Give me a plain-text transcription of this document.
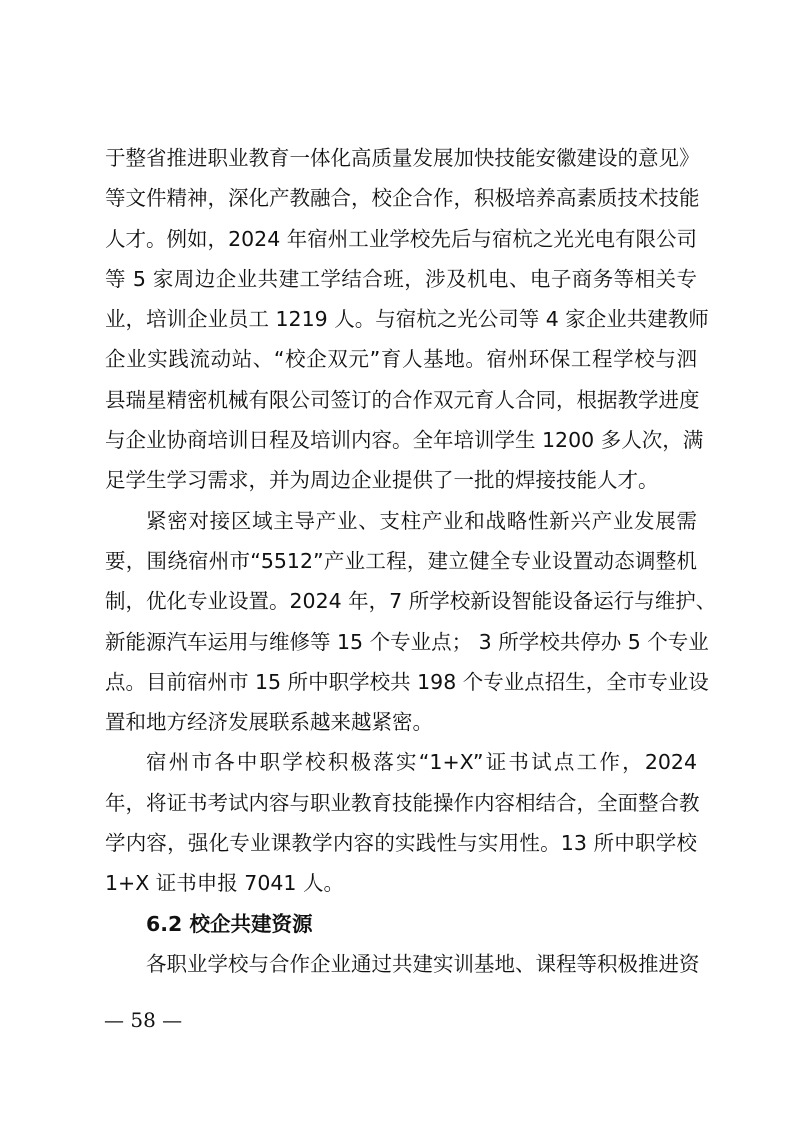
于整省推进职业教育一体化高质量发展加快技能安徽建设的意见》
等文件精神，深化产教融合，校企合作，积极培养高素质技术技能
人才。例如，2024 年宿州工业学校先后与宿杭之光光电有限公司
等 5 家周边企业共建工学结合班，涉及机电、电子商务等相关专
业，培训企业员工 1219 人。与宿杭之光公司等 4 家企业共建教师
企业实践流动站、“校企双元”育人基地。宿州环保工程学校与泗
县瑞星精密机械有限公司签订的合作双元育人合同，根据教学进度
与企业协商培训日程及培训内容。全年培训学生 1200 多人次，满
足学生学习需求，并为周边企业提供了一批的焊接技能人才。
紧密对接区域主导产业、支柱产业和战略性新兴产业发展需
要，围绕宿州市“5512”产业工程，建立健全专业设置动态调整机
制，优化专业设置。2024 年，7 所学校新设智能设备运行与维护、
新能源汽车运用与维修等 15 个专业点； 3 所学校共停办 5 个专业
点。目前宿州市 15 所中职学校共 198 个专业点招生，全市专业设
置和地方经济发展联系越来越紧密。
宿州市各中职学校积极落实“1+X”证书试点工作，2024
年，将证书考试内容与职业教育技能操作内容相结合，全面整合教
学内容，强化专业课教学内容的实践性与实用性。13 所中职学校
1+X 证书申报 7041 人。
6.2 校企共建资源
各职业学校与合作企业通过共建实训基地、课程等积极推进资
— 58 —
